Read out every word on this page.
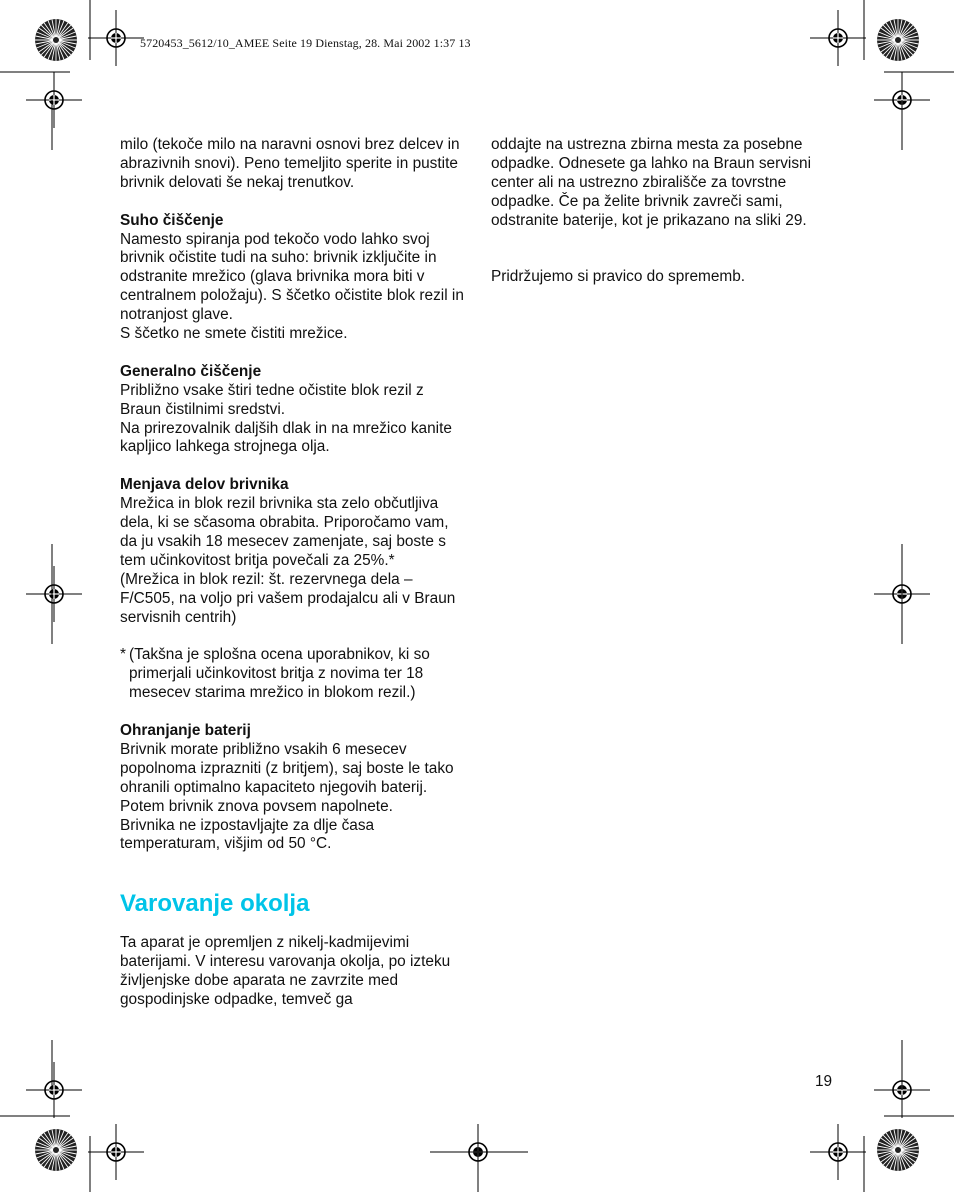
5720453_5612/10_AMEE Seite 19 Dienstag, 28. Mai 2002 1:37 13

milo (tekoče milo na naravni osnovi brez delcev in abrazivnih snovi). Peno temeljito sperite in pustite brivnik delovati še nekaj trenutkov.

Suho čiščenje
Namesto spiranja pod tekočo vodo lahko svoj brivnik očistite tudi na suho: brivnik izključite in odstranite mrežico (glava brivnika mora biti v centralnem položaju). S ščetko očistite blok rezil in notranjost glave.
S ščetko ne smete čistiti mrežice.

Generalno čiščenje
Približno vsake štiri tedne očistite blok rezil z Braun čistilnimi sredstvi.
Na prirezovalnik daljših dlak in na mrežico kanite kapljico lahkega strojnega olja.

Menjava delov brivnika
Mrežica in blok rezil brivnika sta zelo občutljiva dela, ki se sčasoma obrabita. Priporočamo vam, da ju vsakih 18 mesecev zamenjate, saj boste s tem učinkovitost britja povečali za 25%.*
(Mrežica in blok rezil: št. rezervnega dela – F/C505, na voljo pri vašem prodajalcu ali v Braun servisnih centrih)

* (Takšna je splošna ocena uporabnikov, ki so primerjali učinkovitost britja z novima ter 18 mesecev starima mrežico in blokom rezil.)

Ohranjanje baterij
Brivnik morate približno vsakih 6 mesecev popolnoma izprazniti (z britjem), saj boste le tako ohranili optimalno kapaciteto njegovih baterij. Potem brivnik znova povsem napolnete.
Brivnika ne izpostavljajte za dlje časa temperaturam, višjim od 50 °C.

Varovanje okolja

Ta aparat je opremljen z nikelj-kadmijevimi baterijami. V interesu varovanja okolja, po izteku življenjske dobe aparata ne zavrzite med gospodinjske odpadke, temveč ga

oddajte na ustrezna zbirna mesta za posebne odpadke. Odnesete ga lahko na Braun servisni center ali na ustrezno zbirališče za tovrstne odpadke. Če pa želite brivnik zavreči sami, odstranite baterije, kot je prikazano na sliki 29.

Pridržujemo si pravico do sprememb.

19
